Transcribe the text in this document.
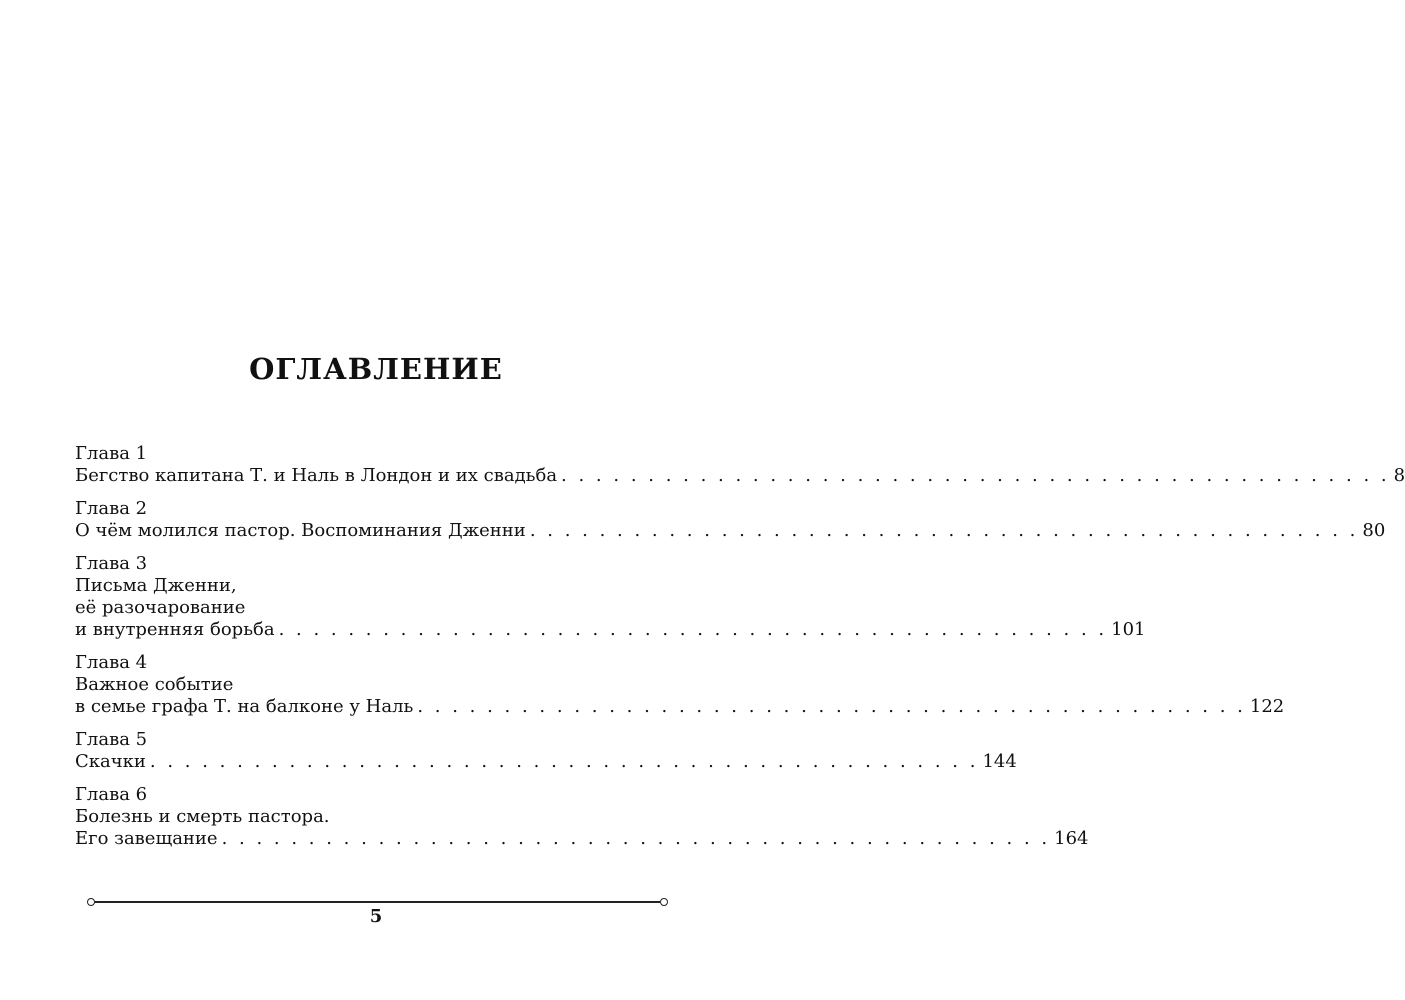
ОГЛАВЛЕНИЕ
Глава 1
Бегство капитана Т. и Наль в Лондон и их свадьба . . . . . . . . . . . . . . . . . . . . . . . . . . . . . . . . . . . . . . . . . . . . . . . . 8
Глава 2
О чём молился пастор. Воспоминания Дженни . . . . . . . . . . . . . . . . . . . . . . . . . . . . . . . . . . . . . . . . . . . . . . . . 80
Глава 3
Письма Дженни,
её разочарование
и внутренняя борьба . . . . . . . . . . . . . . . . . . . . . . . . . . . . . . . . . . . . . . . . . . . . . . . . 101
Глава 4
Важное событие
в семье графа Т. на балконе у Наль . . . . . . . . . . . . . . . . . . . . . . . . . . . . . . . . . . . . . . . . . . . . . . . . 122
Глава 5
Скачки . . . . . . . . . . . . . . . . . . . . . . . . . . . . . . . . . . . . . . . . . . . . . . . . 144
Глава 6
Болезнь и смерть пастора.
Его завещание . . . . . . . . . . . . . . . . . . . . . . . . . . . . . . . . . . . . . . . . . . . . . . . . 164
5
